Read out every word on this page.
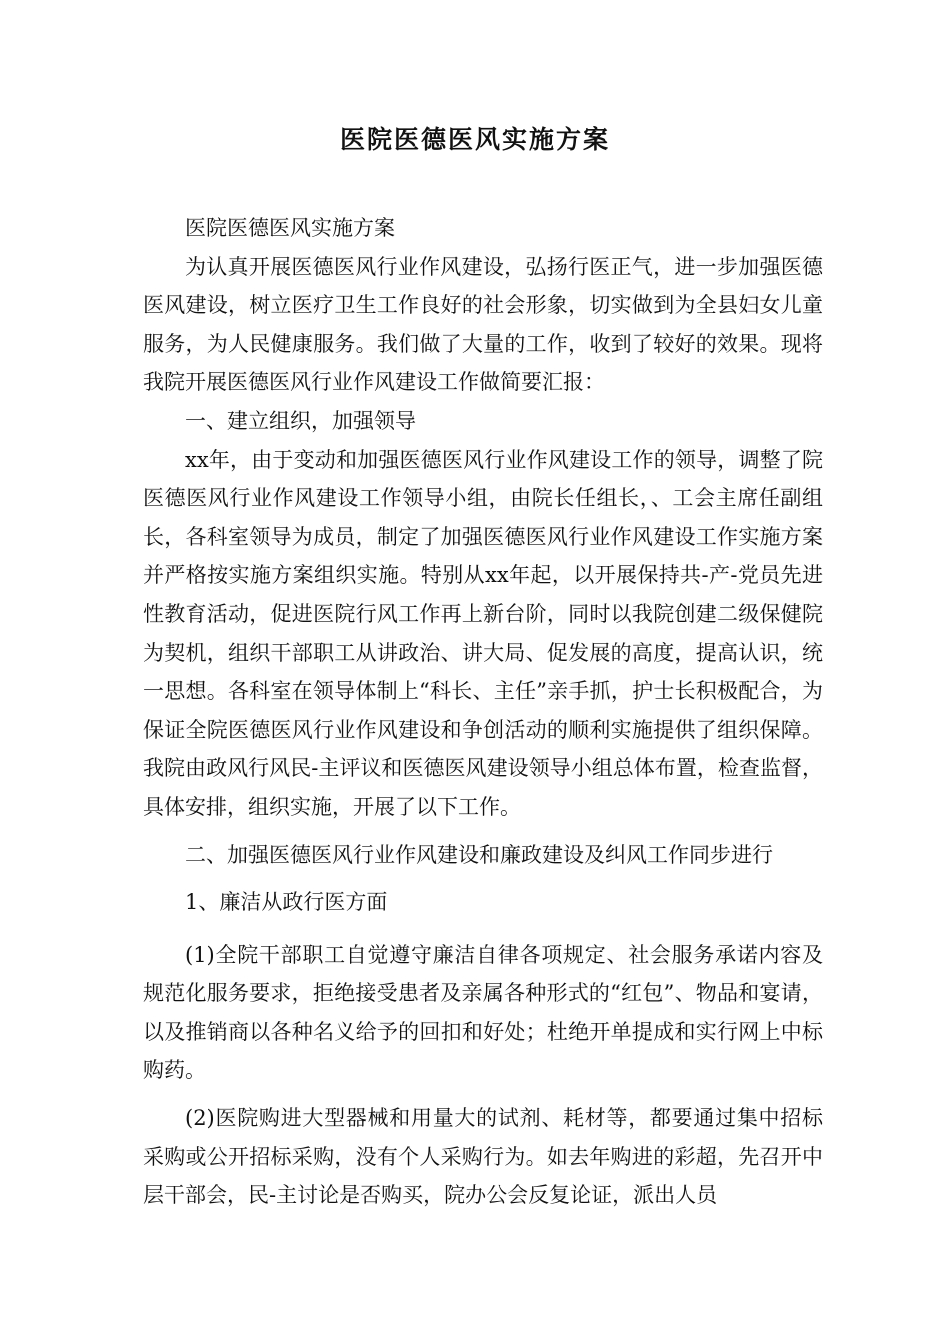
医院医德医风实施方案

医院医德医风实施方案

为认真开展医德医风行业作风建设，弘扬行医正气，进一步加强医德医风建设，树立医疗卫生工作良好的社会形象，切实做到为全县妇女儿童服务，为人民健康服务。我们做了大量的工作，收到了较好的效果。现将我院开展医德医风行业作风建设工作做简要汇报：

一、建立组织，加强领导

xx年，由于变动和加强医德医风行业作风建设工作的领导，调整了院医德医风行业作风建设工作领导小组，由院长任组长，、工会主席任副组长，各科室领导为成员，制定了加强医德医风行业作风建设工作实施方案并严格按实施方案组织实施。特别从xx年起，以开展保持共-产-党员先进性教育活动，促进医院行风工作再上新台阶，同时以我院创建二级保健院为契机，组织干部职工从讲政治、讲大局、促发展的高度，提高认识，统一思想。各科室在领导体制上“科长、主任”亲手抓，护士长积极配合，为保证全院医德医风行业作风建设和争创活动的顺利实施提供了组织保障。我院由政风行风民-主评议和医德医风建设领导小组总体布置，检查监督，具体安排，组织实施，开展了以下工作。

二、加强医德医风行业作风建设和廉政建设及纠风工作同步进行

1、廉洁从政行医方面

(1)全院干部职工自觉遵守廉洁自律各项规定、社会服务承诺内容及规范化服务要求，拒绝接受患者及亲属各种形式的“红包”、物品和宴请，以及推销商以各种名义给予的回扣和好处；杜绝开单提成和实行网上中标购药。

(2)医院购进大型器械和用量大的试剂、耗材等，都要通过集中招标采购或公开招标采购，没有个人采购行为。如去年购进的彩超，先召开中层干部会，民-主讨论是否购买，院办公会反复论证，派出人员
